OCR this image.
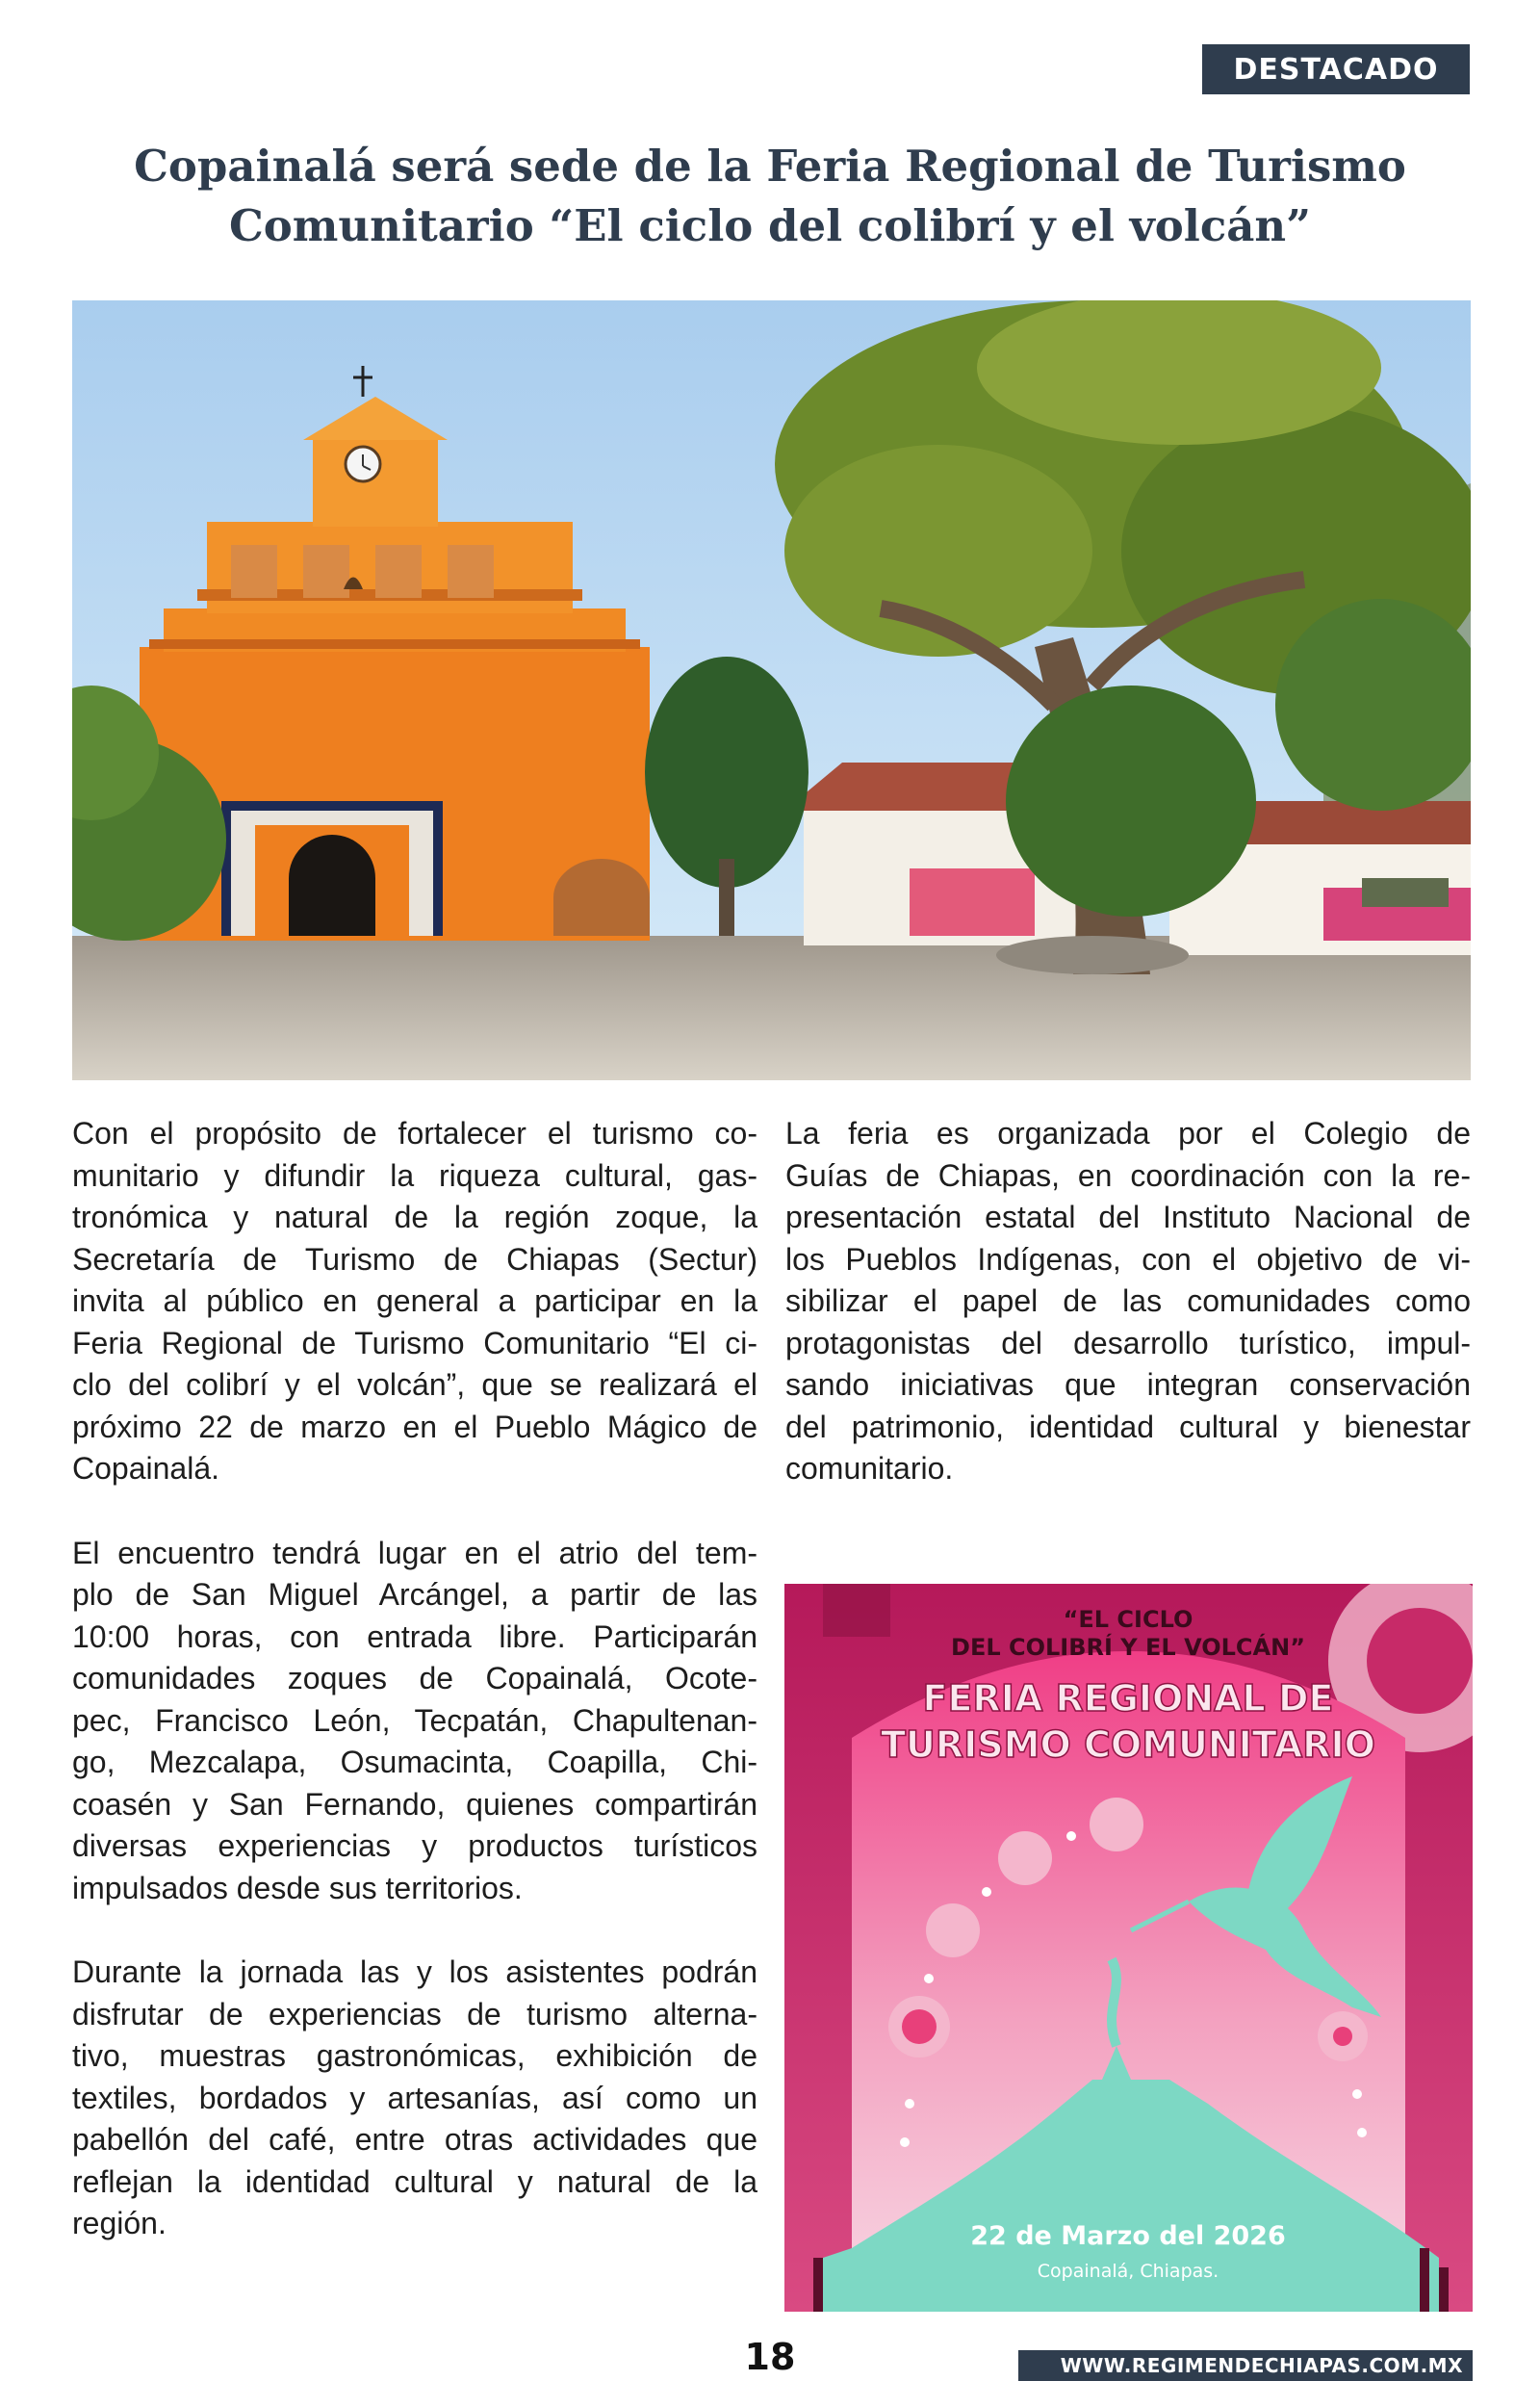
DESTACADO
Copainalá será sede de la Feria Regional de Turismo
Comunitario “El ciclo del colibrí y el volcán”

Con el propósito de fortalecer el turismo co-
munitario y difundir la riqueza cultural, gas-
tronómica y natural de la región zoque, la
Secretaría de Turismo de Chiapas (Sectur)
invita al público en general a participar en la
Feria Regional de Turismo Comunitario “El ci-
clo del colibrí y el volcán”, que se realizará el
próximo 22 de marzo en el Pueblo Mágico de
Copainalá.

El encuentro tendrá lugar en el atrio del tem-
plo de San Miguel Arcángel, a partir de las
10:00 horas, con entrada libre. Participarán
comunidades zoques de Copainalá, Ocote-
pec, Francisco León, Tecpatán, Chapultenan-
go, Mezcalapa, Osumacinta, Coapilla, Chi-
coasén y San Fernando, quienes compartirán
diversas experiencias y productos turísticos
impulsados desde sus territorios.

Durante la jornada las y los asistentes podrán
disfrutar de experiencias de turismo alterna-
tivo, muestras gastronómicas, exhibición de
textiles, bordados y artesanías, así como un
pabellón del café, entre otras actividades que
reflejan la identidad cultural y natural de la
región.

La feria es organizada por el Colegio de
Guías de Chiapas, en coordinación con la re-
presentación estatal del Instituto Nacional de
los Pueblos Indígenas, con el objetivo de vi-
sibilizar el papel de las comunidades como
protagonistas del desarrollo turístico, impul-
sando iniciativas que integran conservación
del patrimonio, identidad cultural y bienestar
comunitario.

“EL CICLO
DEL COLIBRÍ Y EL VOLCÁN”
FERIA REGIONAL DE
TURISMO COMUNITARIO
22 de Marzo del 2026
Copainalá, Chiapas.
18	WWW.REGIMENDECHIAPAS.COM.MX
